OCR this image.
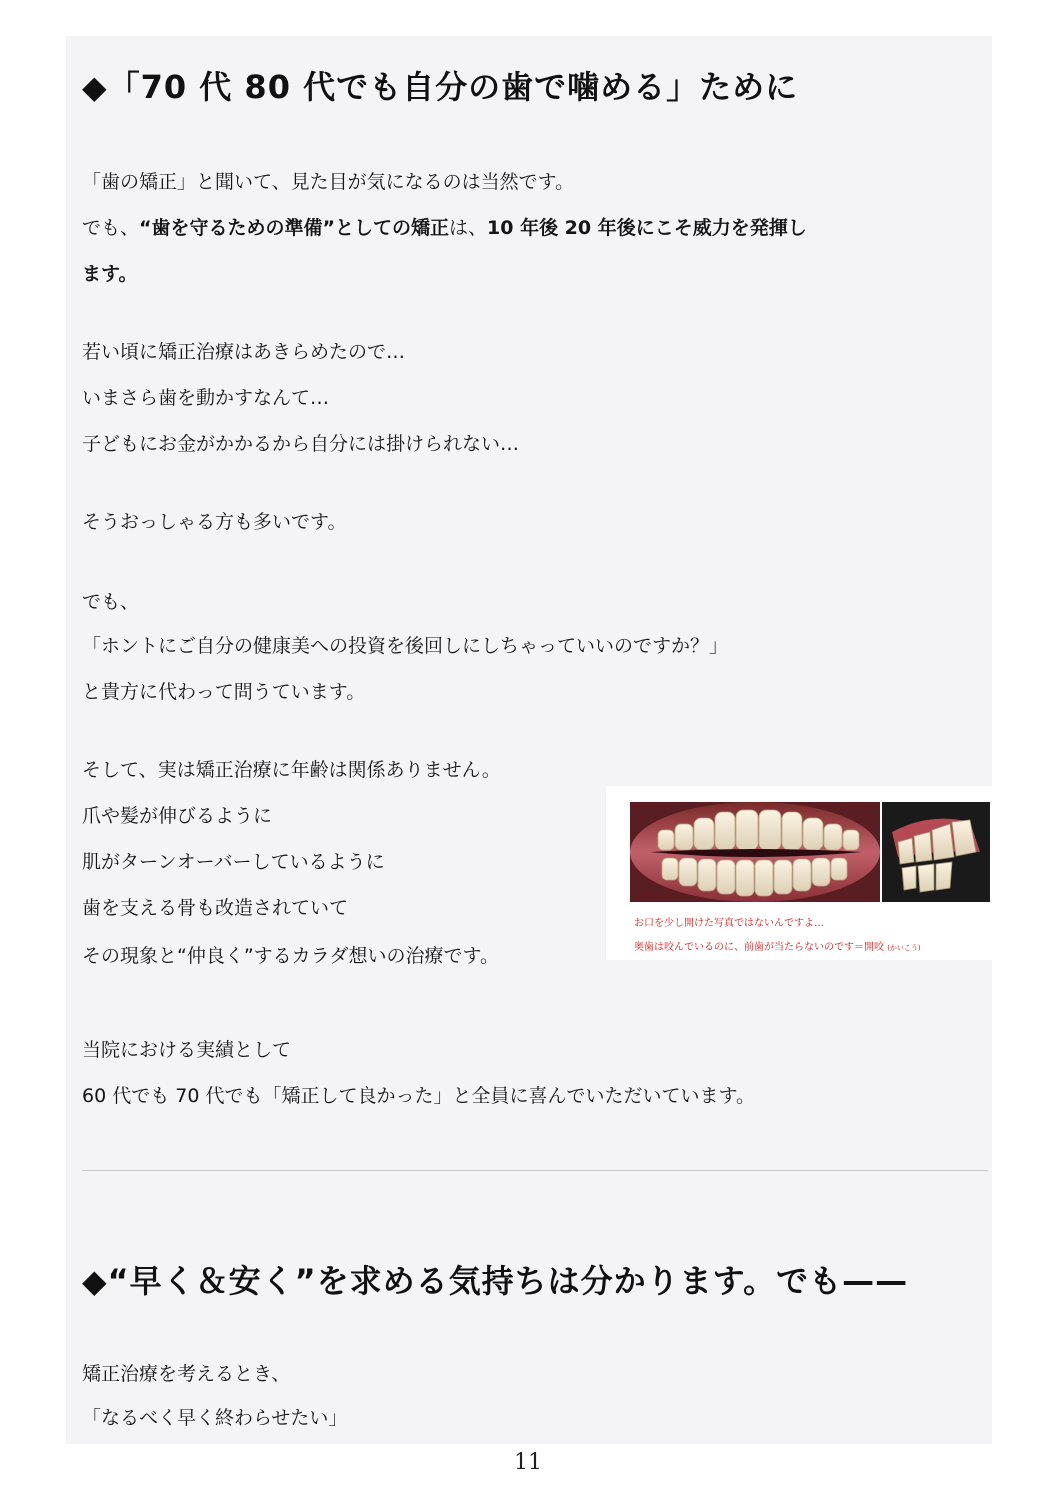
◆「70 代 80 代でも自分の歯で噛める」ために
「歯の矯正」と聞いて、見た目が気になるのは当然です。
でも、“歯を守るための準備”としての矯正は、10 年後 20 年後にこそ威力を発揮し
ます。
若い頃に矯正治療はあきらめたので…
いまさら歯を動かすなんて…
子どもにお金がかかるから自分には掛けられない…
そうおっしゃる方も多いです。
でも、
「ホントにご自分の健康美への投資を後回しにしちゃっていいのですか？」
と貴方に代わって問うています。
そして、実は矯正治療に年齢は関係ありません。
爪や髪が伸びるように
肌がターンオーバーしているように
歯を支える骨も改造されていて
その現象と“仲良く”するカラダ想いの治療です。
当院における実績として
60 代でも 70 代でも「矯正して良かった」と全員に喜んでいただいています。
お口を少し開けた写真ではないんですよ…
奥歯は咬んでいるのに、前歯が当たらないのです＝開咬 (かいこう)
◆“早く＆安く”を求める気持ちは分かります。でも——
矯正治療を考えるとき、
「なるべく早く終わらせたい」
11
